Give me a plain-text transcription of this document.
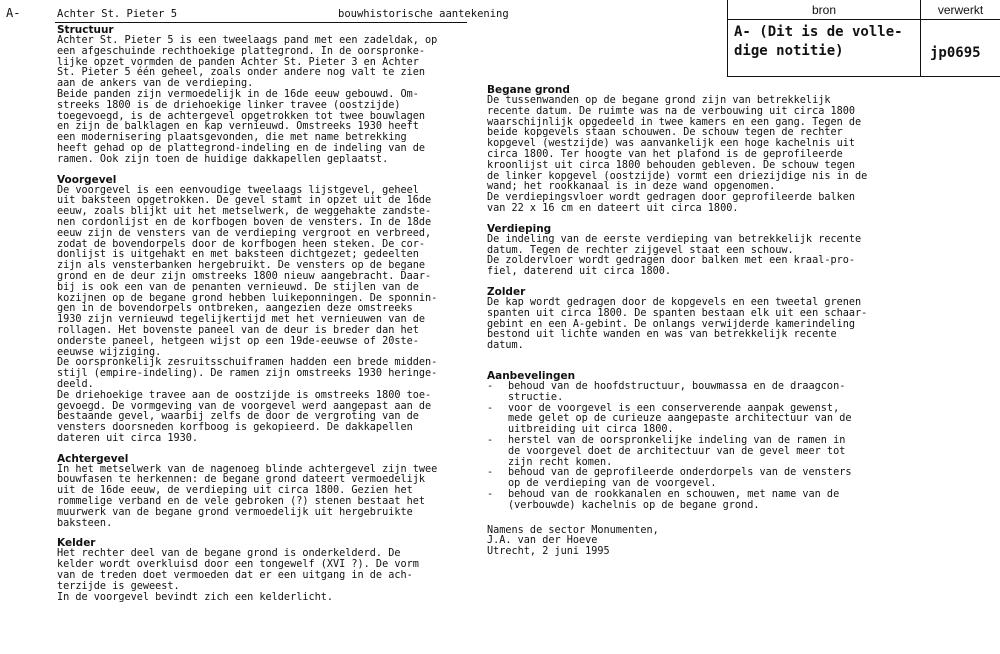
A-	Achter St. Pieter 5	bouwhistorische aantekening	bron	verwerkt
A- (Dit is de volle-
dige notitie)	jp0695
Structuur
Achter St. Pieter 5 is een tweelaags pand met een zadeldak, op
een afgeschuinde rechthoekige plattegrond. In de oorspronke-
lijke opzet vormden de panden Achter St. Pieter 3 en Achter
St. Pieter 5 één geheel, zoals onder andere nog valt te zien
aan de ankers van de verdieping.
Beide panden zijn vermoedelijk in de 16de eeuw gebouwd. Om-
streeks 1800 is de driehoekige linker travee (oostzijde)
toegevoegd, is de achtergevel opgetrokken tot twee bouwlagen
en zijn de balklagen en kap vernieuwd. Omstreeks 1930 heeft
een modernisering plaatsgevonden, die met name betrekking
heeft gehad op de plattegrond-indeling en de indeling van de
ramen. Ook zijn toen de huidige dakkapellen geplaatst.
Voorgevel
De voorgevel is een eenvoudige tweelaags lijstgevel, geheel
uit baksteen opgetrokken. De gevel stamt in opzet uit de 16de
eeuw, zoals blijkt uit het metselwerk, de weggehakte zandste-
nen cordonlijst en de korfbogen boven de vensters. In de 18de
eeuw zijn de vensters van de verdieping vergroot en verbreed,
zodat de bovendorpels door de korfbogen heen steken. De cor-
donlijst is uitgehakt en met baksteen dichtgezet; gedeelten
zijn als vensterbanken hergebruikt. De vensters op de begane
grond en de deur zijn omstreeks 1800 nieuw aangebracht. Daar-
bij is ook een van de penanten vernieuwd. De stijlen van de
kozijnen op de begane grond hebben luikeponningen. De sponnin-
gen in de bovendorpels ontbreken, aangezien deze omstreeks
1930 zijn vernieuwd tegelijkertijd met het vernieuwen van de
rollagen. Het bovenste paneel van de deur is breder dan het
onderste paneel, hetgeen wijst op een 19de-eeuwse of 20ste-
eeuwse wijziging.
De oorspronkelijk zesruitsschuiframen hadden een brede midden-
stijl (empire-indeling). De ramen zijn omstreeks 1930 heringe-
deeld.
De driehoekige travee aan de oostzijde is omstreeks 1800 toe-
gevoegd. De vormgeving van de voorgevel werd aangepast aan de
bestaande gevel, waarbij zelfs de door de vergroting van de
vensters doorsneden korfboog is gekopieerd. De dakkapellen
dateren uit circa 1930.
Achtergevel
In het metselwerk van de nagenoeg blinde achtergevel zijn twee
bouwfasen te herkennen: de begane grond dateert vermoedelijk
uit de 16de eeuw, de verdieping uit circa 1800. Gezien het
rommelige verband en de vele gebroken (?) stenen bestaat het
muurwerk van de begane grond vermoedelijk uit hergebruikte
baksteen.
Kelder
Het rechter deel van de begane grond is onderkelderd. De
kelder wordt overkluisd door een tongewelf (XVI ?). De vorm
van de treden doet vermoeden dat er een uitgang in de ach-
terzijde is geweest.
In de voorgevel bevindt zich een kelderlicht.
Begane grond
De tussenwanden op de begane grond zijn van betrekkelijk
recente datum. De ruimte was na de verbouwing uit circa 1800
waarschijnlijk opgedeeld in twee kamers en een gang. Tegen de
beide kopgevels staan schouwen. De schouw tegen de rechter
kopgevel (westzijde) was aanvankelijk een hoge kachelnis uit
circa 1800. Ter hoogte van het plafond is de geprofileerde
kroonlijst uit circa 1800 behouden gebleven. De schouw tegen
de linker kopgevel (oostzijde) vormt een driezijdige nis in de
wand; het rookkanaal is in deze wand opgenomen.
De verdiepingsvloer wordt gedragen door geprofileerde balken
van 22 x 16 cm en dateert uit circa 1800.
Verdieping
De indeling van de eerste verdieping van betrekkelijk recente
datum. Tegen de rechter zijgevel staat een schouw.
De zoldervloer wordt gedragen door balken met een kraal-pro-
fiel, daterend uit circa 1800.
Zolder
De kap wordt gedragen door de kopgevels en een tweetal grenen
spanten uit circa 1800. De spanten bestaan elk uit een schaar-
gebint en een A-gebint. De onlangs verwijderde kamerindeling
bestond uit lichte wanden en was van betrekkelijk recente
datum.
Aanbevelingen
-	behoud van de hoofdstructuur, bouwmassa en de draagcon-
structie.
-	voor de voorgevel is een conserverende aanpak gewenst,
mede gelet op de curieuze aangepaste architectuur van de
uitbreiding uit circa 1800.
-	herstel van de oorspronkelijke indeling van de ramen in
de voorgevel doet de architectuur van de gevel meer tot
zijn recht komen.
-	behoud van de geprofileerde onderdorpels van de vensters
op de verdieping van de voorgevel.
-	behoud van de rookkanalen en schouwen, met name van de
(verbouwde) kachelnis op de begane grond.
Namens de sector Monumenten,
J.A. van der Hoeve
Utrecht, 2 juni 1995
